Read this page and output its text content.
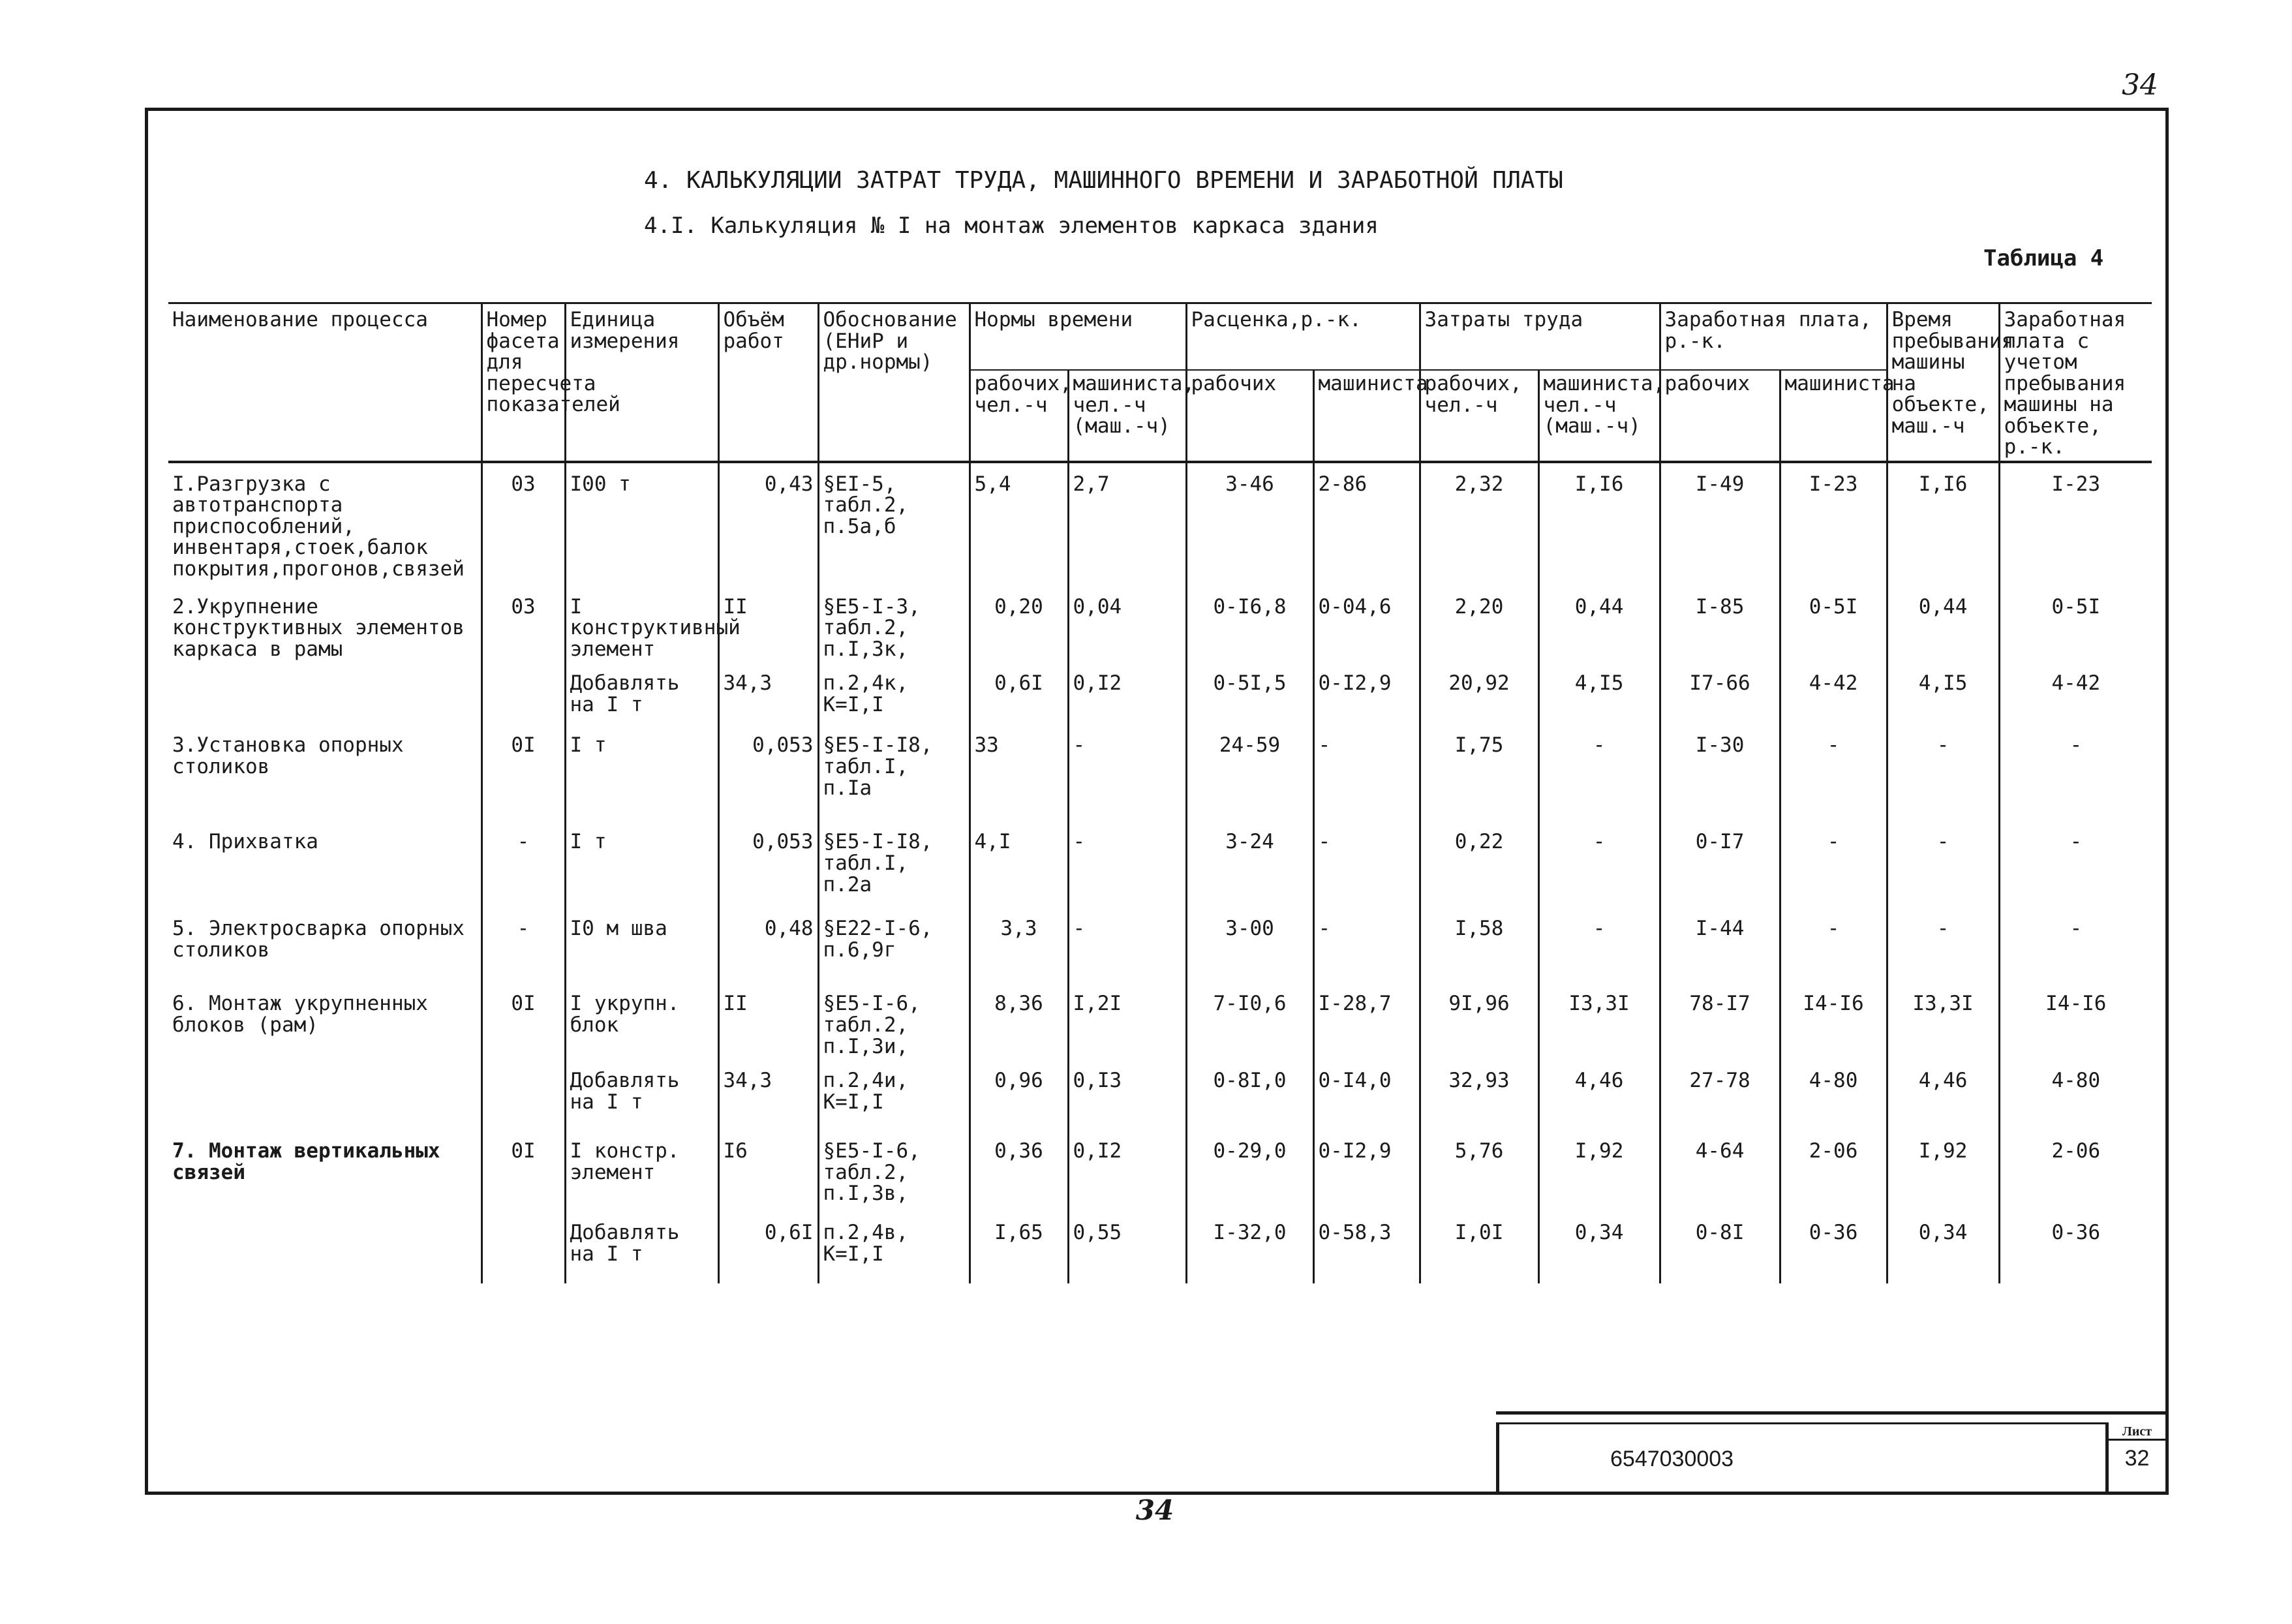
34
4. КАЛЬКУЛЯЦИИ ЗАТРАТ ТРУДА, МАШИННОГО ВРЕМЕНИ И ЗАРАБОТНОЙ ПЛАТЫ
4.I. Калькуляция № I на монтаж элементов каркаса здания
Таблица 4
Наименование процесса	Номер фасета для пересчета показателей	Единица измерения	Объём работ	Обоснование (ЕНиР и др.нормы)	Нормы времени		Расценка,р.-к.		Затраты труда		Заработная плата, р.-к.		Время пребывания машины на объекте, маш.-ч	Заработная плата с учетом пребывания машины на объекте, р.-к.
					рабочих, чел.-ч	машинистa, чел.-ч (маш.-ч)	рабочих	машиниста	рабочих, чел.-ч	машиниста, чел.-ч (маш.-ч)	рабочих	машиниста		
I.Разгрузка с автотранспорта приспособлений, инвентаря,стоек,балок покрытия,прогонов,связей	03	I00 т	0,43	§EI-5, табл.2, п.5а,б	5,4	2,7	3-46	2-86	2,32	I,I6	I-49	I-23	I,I6	I-23
2.Укрупнение конструктивных элементов каркаса в рамы	03	I конструктивный элемент	II	§E5-I-3, табл.2, п.I,3к,	0,20	0,04	0-I6,8	0-04,6	2,20	0,44	I-85	0-5I	0,44	0-5I
		Добавлять на I т	34,3	п.2,4к, К=I,I	0,6I	0,I2	0-5I,5	0-I2,9	20,92	4,I5	I7-66	4-42	4,I5	4-42
3.Установка опорных столиков	0I	I т	0,053	§E5-I-I8, табл.I, п.Iа	33	-	24-59	-	I,75	-	I-30	-	-	-
4. Прихватка	-	I т	0,053	§E5-I-I8, табл.I, п.2а	4,I	-	3-24	-	0,22	-	0-I7	-	-	-
5. Электросварка опорных столиков	-	I0 м шва	0,48	§E22-I-6, п.6,9г	3,3	-	3-00	-	I,58	-	I-44	-	-	-
6. Монтаж укрупненных блоков (рам)	0I	I укрупн. блок	II	§E5-I-6, табл.2, п.I,3и,	8,36	I,2I	7-I0,6	I-28,7	9I,96	I3,3I	78-I7	I4-I6	I3,3I	I4-I6
		Добавлять на I т	34,3	п.2,4и, К=I,I	0,96	0,I3	0-8I,0	0-I4,0	32,93	4,46	27-78	4-80	4,46	4-80
7. Монтаж вертикальных связей	0I	I констр. элемент	I6	§E5-I-6, табл.2, п.I,3в,	0,36	0,I2	0-29,0	0-I2,9	5,76	I,92	4-64	2-06	I,92	2-06
		Добавлять на I т	0,6I	п.2,4в, К=I,I	I,65	0,55	I-32,0	0-58,3	I,0I	0,34	0-8I	0-36	0,34	0-36
6547030003
Лист
32
34
